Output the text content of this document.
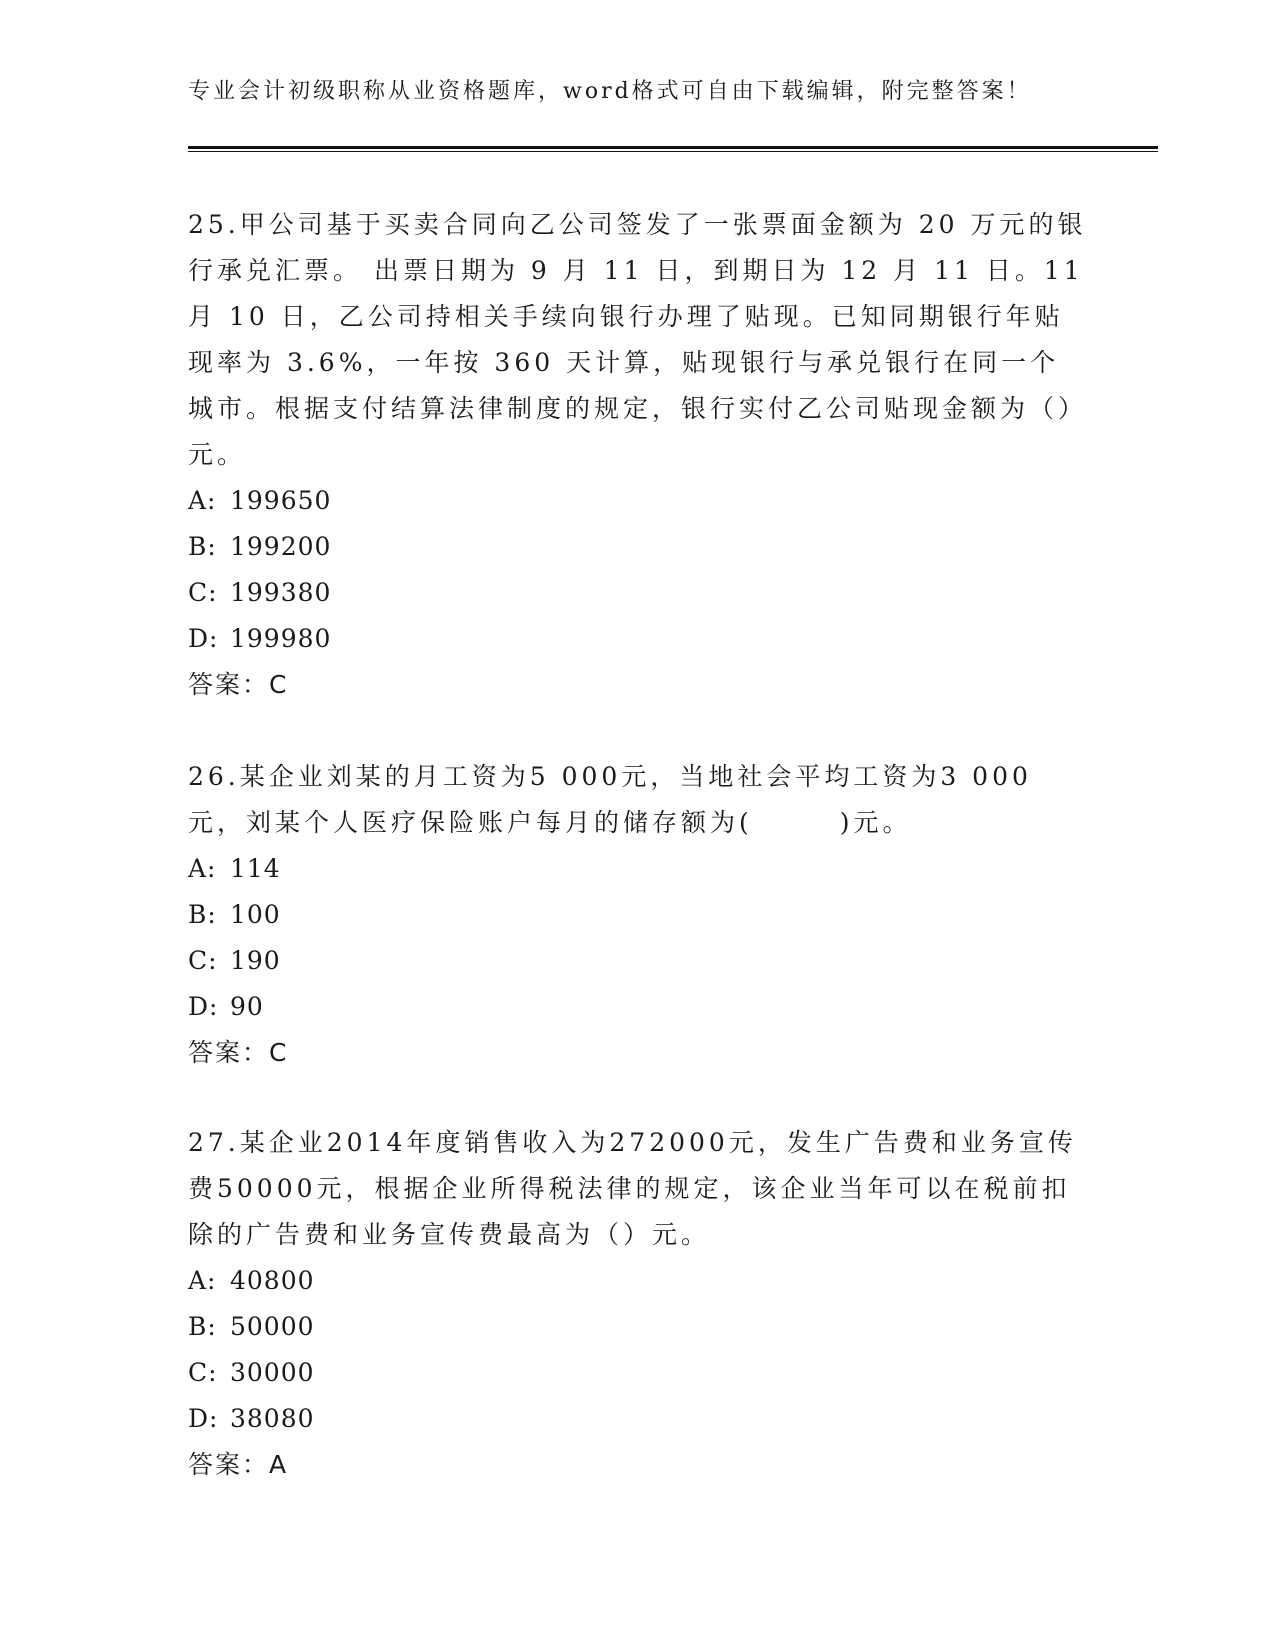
专业会计初级职称从业资格题库，word格式可自由下载编辑，附完整答案！

25.甲公司基于买卖合同向乙公司签发了一张票面金额为 20 万元的银行承兑汇票。 出票日期为 9 月 11 日，到期日为 12 月 11 日。11 月 10 日，乙公司持相关手续向银行办理了贴现。已知同期银行年贴现率为 3.6%，一年按 360 天计算，贴现银行与承兑银行在同一个城市。根据支付结算法律制度的规定，银行实付乙公司贴现金额为（）元。

A: 199650

B: 199200

C: 199380

D: 199980

答案：C

26.某企业刘某的月工资为5 000元，当地社会平均工资为3 000元，刘某个人医疗保险账户每月的储存额为(　　　)元。

A: 114

B: 100

C: 190

D: 90

答案：C

27.某企业2014年度销售收入为272000元，发生广告费和业务宣传费50000元，根据企业所得税法律的规定，该企业当年可以在税前扣除的广告费和业务宣传费最高为（）元。

A: 40800

B: 50000

C: 30000

D: 38080

答案：A
